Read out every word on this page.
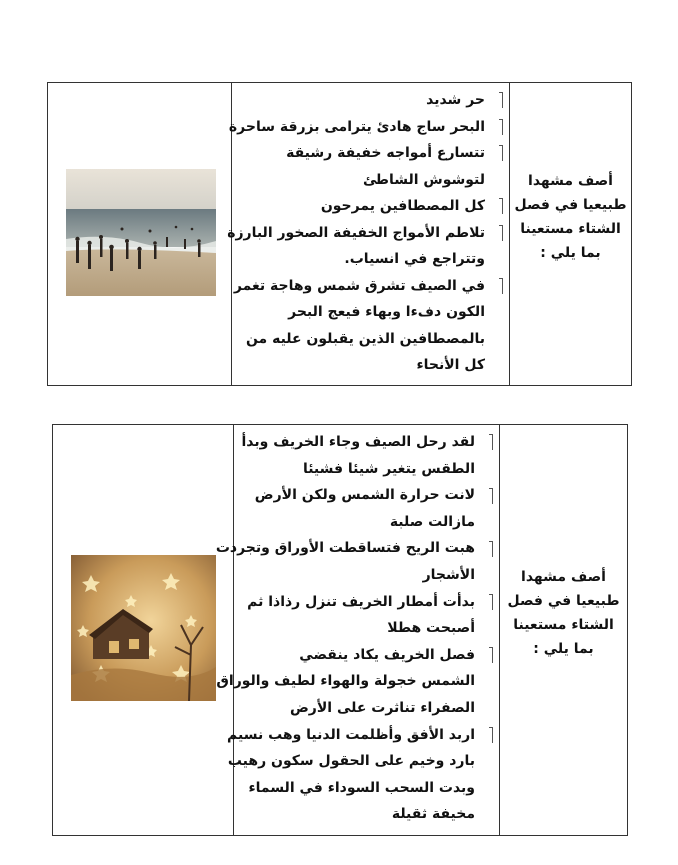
أصف مشهدا
طبيعيا في فصل
الشتاء مستعينا
بما يلي :
حر شديد
البحر ساج هادئ يترامى بزرقة ساحرة
تتسارع أمواجه خفيفة رشيقة
لتوشوش الشاطئ
كل المصطافين يمرحون
تلاطم الأمواج الخفيفة الصخور البارزة
وتتراجع في انسياب.
في الصيف تشرق شمس وهاجة تغمر
الكون دفءا وبهاء فيعج البحر
بالمصطافين الذين يقبلون عليه من
كل الأنحاء
أصف مشهدا
طبيعيا في فصل
الشتاء مستعينا
بما يلي :
لقد رحل الصيف وجاء الخريف وبدأ
الطقس يتغير شيئا فشيئا
لانت حرارة الشمس ولكن الأرض
مازالت صلبة
هبت الريح فتساقطت الأوراق وتجردت
الأشجار
بدأت أمطار الخريف تنزل رذاذا ثم
أصبحت هطلا
فصل الخريف يكاد ينقضي
الشمس خجولة والهواء لطيف والوراق
الصفراء تناثرت على الأرض
اربد الأفق وأظلمت الدنيا وهب نسيم
بارد وخيم على الحقول سكون رهيب
وبدت السحب السوداء في السماء
مخيفة ثقيلة
